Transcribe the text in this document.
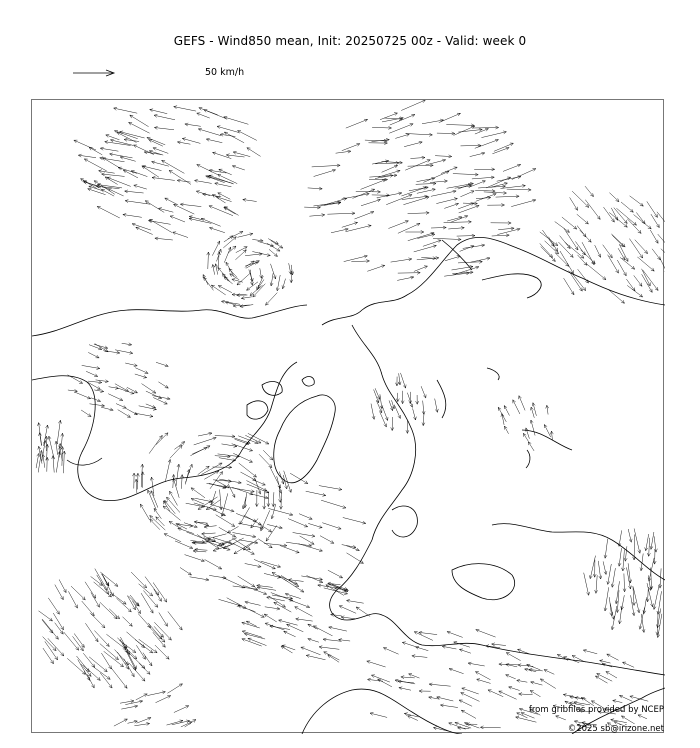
GEFS - Wind850 mean, Init: 20250725 00z - Valid: week 0
50 km/h
from gribfiles provided by NCEP
©2025 sb@irizone.net
